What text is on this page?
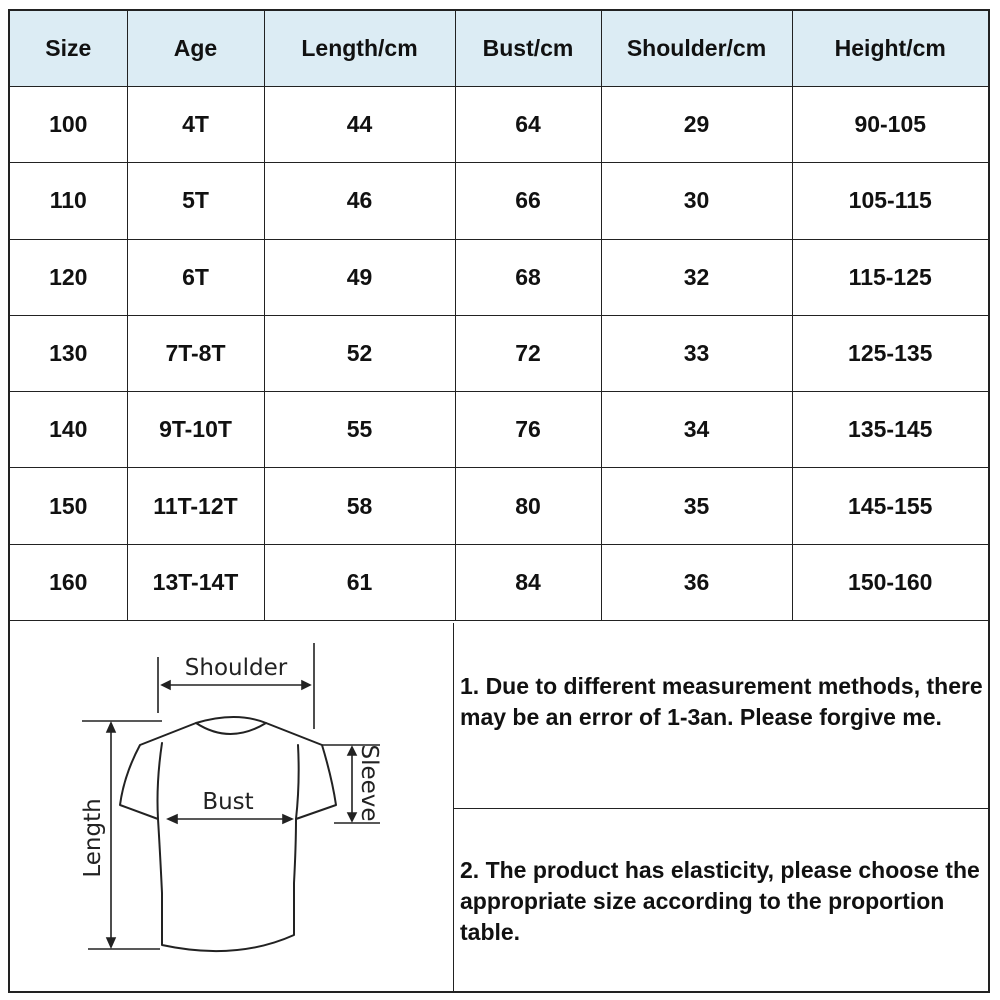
Size	Age	Length/cm	Bust/cm	Shoulder/cm	Height/cm
100	4T	44	64	29	90-105
110	5T	46	66	30	105-115
120	6T	49	68	32	115-125
130	7T-8T	52	72	33	125-135
140	9T-10T	55	76	34	135-145
150	11T-12T	58	80	35	145-155
160	13T-14T	61	84	36	150-160
Shoulder
Bust
Length
Sleeve
1. Due to different measurement methods, there may be an error of 1-3an. Please forgive me.
2. The product has elasticity, please choose the appropriate size according to the proportion table.
